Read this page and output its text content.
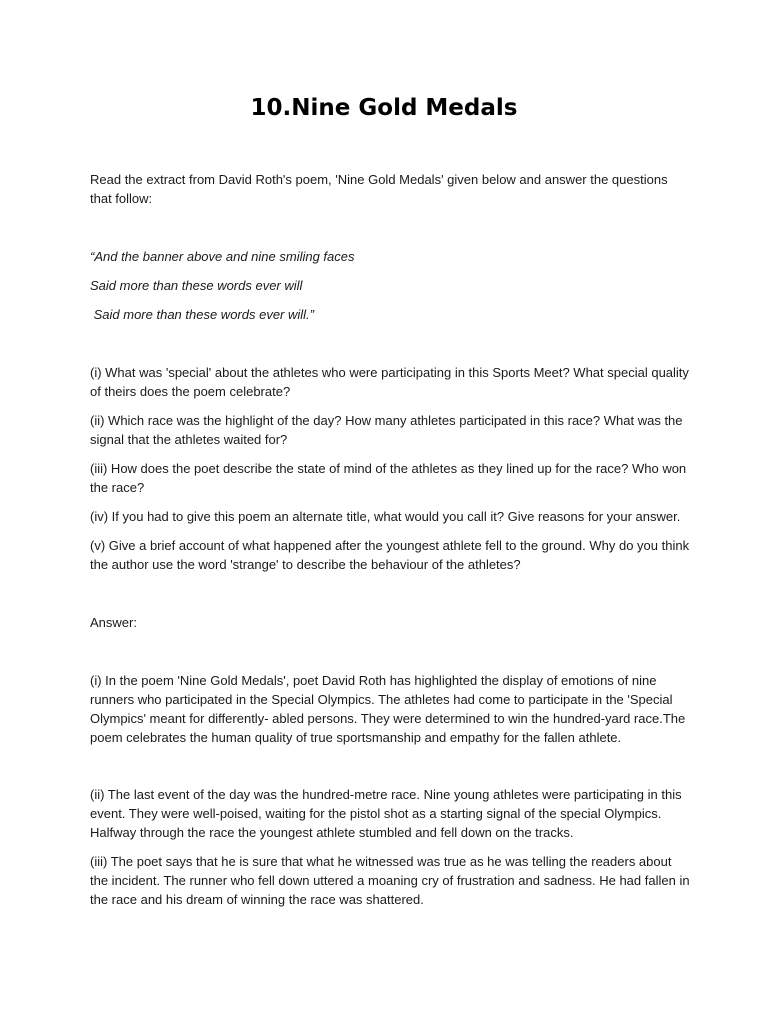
10.Nine Gold Medals
Read the extract from David Roth's poem, 'Nine Gold Medals' given below and answer the questions that follow:
“And the banner above and nine smiling faces
Said more than these words ever will
Said more than these words ever will.”
(i) What was 'special' about the athletes who were participating in this Sports Meet? What special quality of theirs does the poem celebrate?
(ii) Which race was the highlight of the day? How many athletes participated in this race? What was the signal that the athletes waited for?
(iii) How does the poet describe the state of mind of the athletes as they lined up for the race? Who won the race?
(iv) If you had to give this poem an alternate title, what would you call it? Give reasons for your answer.
(v) Give a brief account of what happened after the youngest athlete fell to the ground. Why do you think the author use the word 'strange' to describe the behaviour of the athletes?
Answer:
(i) In the poem 'Nine Gold Medals', poet David Roth has highlighted the display of emotions of nine runners who participated in the Special Olympics. The athletes had come to participate in the 'Special Olympics' meant for differently- abled persons. They were determined to win the hundred-yard race.The poem celebrates the human quality of true sportsmanship and empathy for the fallen athlete.
(ii) The last event of the day was the hundred-metre race. Nine young athletes were participating in this event. They were well-poised, waiting for the pistol shot as a starting signal of the special Olympics. Halfway through the race the youngest athlete stumbled and fell down on the tracks.
(iii) The poet says that he is sure that what he witnessed was true as he was telling the readers about the incident. The runner who fell down uttered a moaning cry of frustration and sadness. He had fallen in the race and his dream of winning the race was shattered.
